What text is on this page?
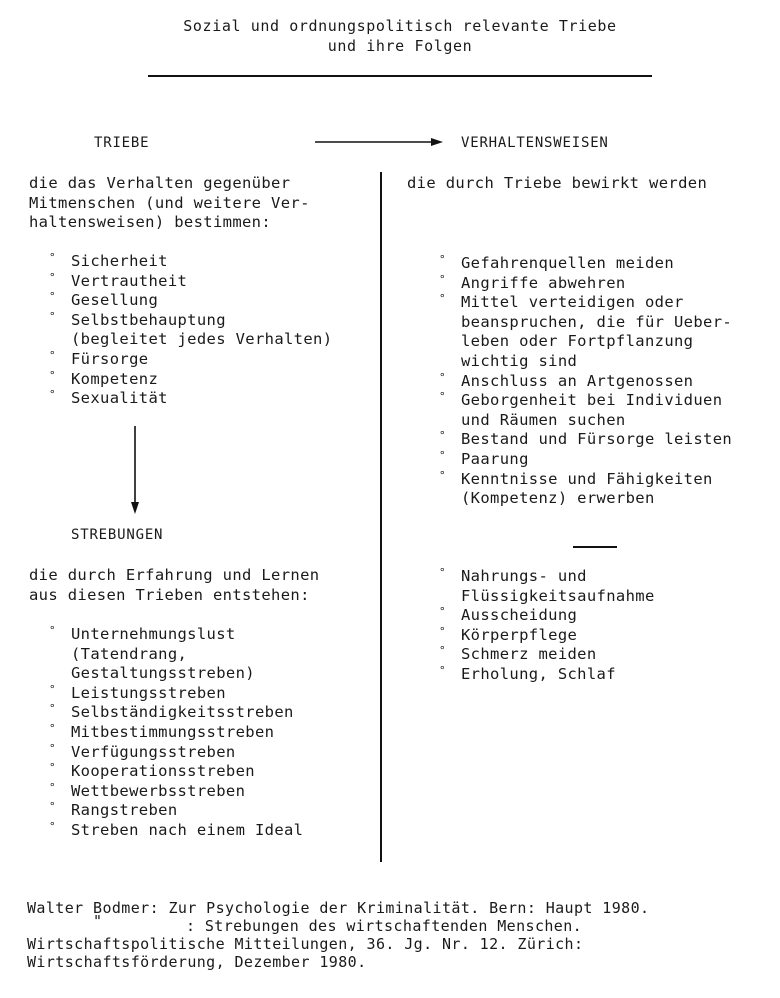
Sozial und ordnungspolitisch relevante Triebe
und ihre Folgen
TRIEBE	VERHALTENSWEISEN
die das Verhalten gegenüber
Mitmenschen (und weitere Ver-
haltensweisen) bestimmen:
° Sicherheit
° Vertrautheit
° Gesellung
° Selbstbehauptung
(begleitet jedes Verhalten)
° Fürsorge
° Kompetenz
° Sexualität
STREBUNGEN
die durch Erfahrung und Lernen
aus diesen Trieben entstehen:
° Unternehmungslust
(Tatendrang,
Gestaltungsstreben)
° Leistungsstreben
° Selbständigkeitsstreben
° Mitbestimmungsstreben
° Verfügungsstreben
° Kooperationsstreben
° Wettbewerbsstreben
° Rangstreben
° Streben nach einem Ideal
die durch Triebe bewirkt werden
° Gefahrenquellen meiden
° Angriffe abwehren
° Mittel verteidigen oder
beanspruchen, die für Ueber-
leben oder Fortpflanzung
wichtig sind
° Anschluss an Artgenossen
° Geborgenheit bei Individuen
und Räumen suchen
° Bestand und Fürsorge leisten
° Paarung
° Kenntnisse und Fähigkeiten
(Kompetenz) erwerben
° Nahrungs- und
Flüssigkeitsaufnahme
° Ausscheidung
° Körperpflege
° Schmerz meiden
° Erholung, Schlaf
Walter Bodmer: Zur Psychologie der Kriminalität. Bern: Haupt 1980.
"	: Strebungen des wirtschaftenden Menschen.
Wirtschaftspolitische Mitteilungen, 36. Jg. Nr. 12. Zürich:
Wirtschaftsförderung, Dezember 1980.
